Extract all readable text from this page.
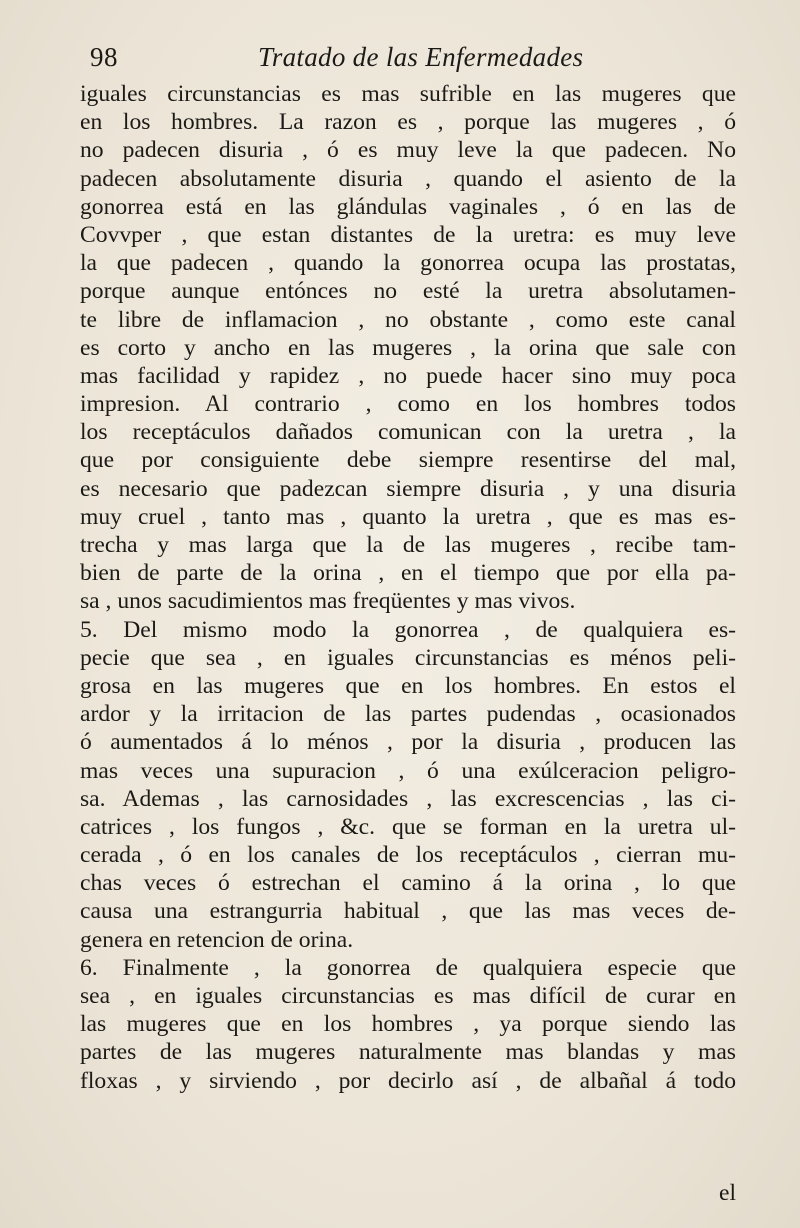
98	Tratado de las Enfermedades
iguales circunstancias es mas sufrible en las mugeres que
en los hombres. La razon es , porque las mugeres , ó
no padecen disuria , ó es muy leve la que padecen. No
padecen absolutamente disuria , quando el asiento de la
gonorrea está en las glándulas vaginales , ó en las de
Covvper , que estan distantes de la uretra: es muy leve
la que padecen , quando la gonorrea ocupa las prostatas,
porque aunque entónces no esté la uretra absolutamen-
te libre de inflamacion , no obstante , como este canal
es corto y ancho en las mugeres , la orina que sale con
mas facilidad y rapidez , no puede hacer sino muy poca
impresion. Al contrario , como en los hombres todos
los receptáculos dañados comunican con la uretra , la
que por consiguiente debe siempre resentirse del mal,
es necesario que padezcan siempre disuria , y una disuria
muy cruel , tanto mas , quanto la uretra , que es mas es-
trecha y mas larga que la de las mugeres , recibe tam-
bien de parte de la orina , en el tiempo que por ella pa-
sa , unos sacudimientos mas freqüentes y mas vivos.
5. Del mismo modo la gonorrea , de qualquiera es-
pecie que sea , en iguales circunstancias es ménos peli-
grosa en las mugeres que en los hombres. En estos el
ardor y la irritacion de las partes pudendas , ocasionados
ó aumentados á lo ménos , por la disuria , producen las
mas veces una supuracion , ó una exúlceracion peligro-
sa. Ademas , las carnosidades , las excrescencias , las ci-
catrices , los fungos , &c. que se forman en la uretra ul-
cerada , ó en los canales de los receptáculos , cierran mu-
chas veces ó estrechan el camino á la orina , lo que
causa una estrangurria habitual , que las mas veces de-
genera en retencion de orina.
6. Finalmente , la gonorrea de qualquiera especie que
sea , en iguales circunstancias es mas difícil de curar en
las mugeres que en los hombres , ya porque siendo las
partes de las mugeres naturalmente mas blandas y mas
floxas , y sirviendo , por decirlo así , de albañal á todo
el
